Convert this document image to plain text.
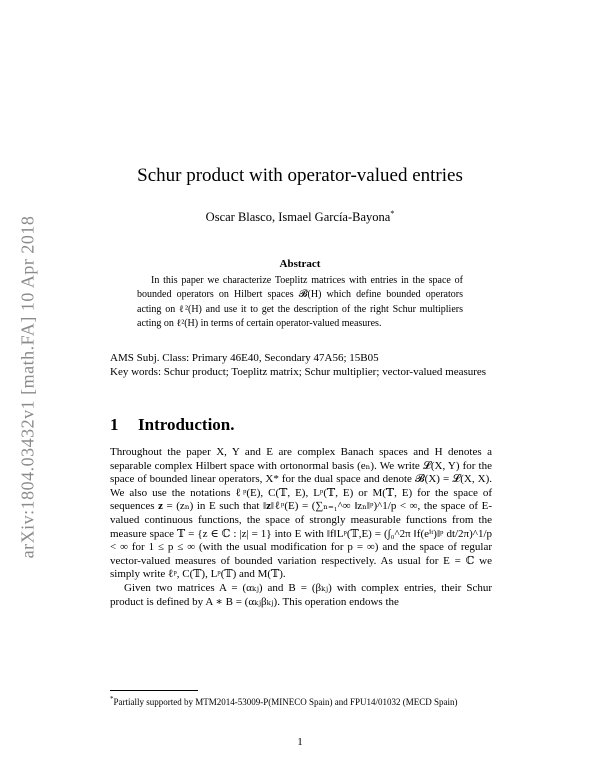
arXiv:1804.03432v1 [math.FA] 10 Apr 2018
Schur product with operator-valued entries
Oscar Blasco, Ismael García-Bayona*
Abstract
In this paper we characterize Toeplitz matrices with entries in the space of bounded operators on Hilbert spaces 𝓑(H) which define bounded operators acting on ℓ²(H) and use it to get the description of the right Schur multipliers acting on ℓ²(H) in terms of certain operator-valued measures.
AMS Subj. Class: Primary 46E40, Secondary 47A56; 15B05
Key words: Schur product; Toeplitz matrix; Schur multiplier; vector-valued measures
1 Introduction.

Throughout the paper X, Y and E are complex Banach spaces and H denotes a separable complex Hilbert space with ortonormal basis (eₙ). We write 𝓛(X, Y) for the space of bounded linear operators, X* for the dual space and denote 𝓑(X) = 𝓛(X, X). We also use the notations ℓᵖ(E), C(𝕋, E), Lᵖ(𝕋, E) or M(𝕋, E) for the space of sequences 𝐳 = (zₙ) in E such that ‖𝐳‖ℓᵖ(E) = (∑ₙ₌₁^∞ ‖zₙ‖ᵖ)^1/p < ∞, the space of E-valued continuous functions, the space of strongly measurable functions from the measure space 𝕋 = {z ∈ ℂ : |z| = 1} into E with ‖f‖Lᵖ(𝕋,E) = (∫₀^2π ‖f(eⁱᵗ)‖ᵖ dt/2π)^1/p < ∞ for 1 ≤ p ≤ ∞ (with the usual modification for p = ∞) and the space of regular vector-valued measures of bounded variation respectively. As usual for E = ℂ we simply write ℓᵖ, C(𝕋), Lᵖ(𝕋) and M(𝕋).

Given two matrices A = (αₖⱼ) and B = (βₖⱼ) with complex entries, their Schur product is defined by A ∗ B = (αₖⱼβₖⱼ). This operation endows the

*Partially supported by MTM2014-53009-P(MINECO Spain) and FPU14/01032 (MECD Spain)
1
